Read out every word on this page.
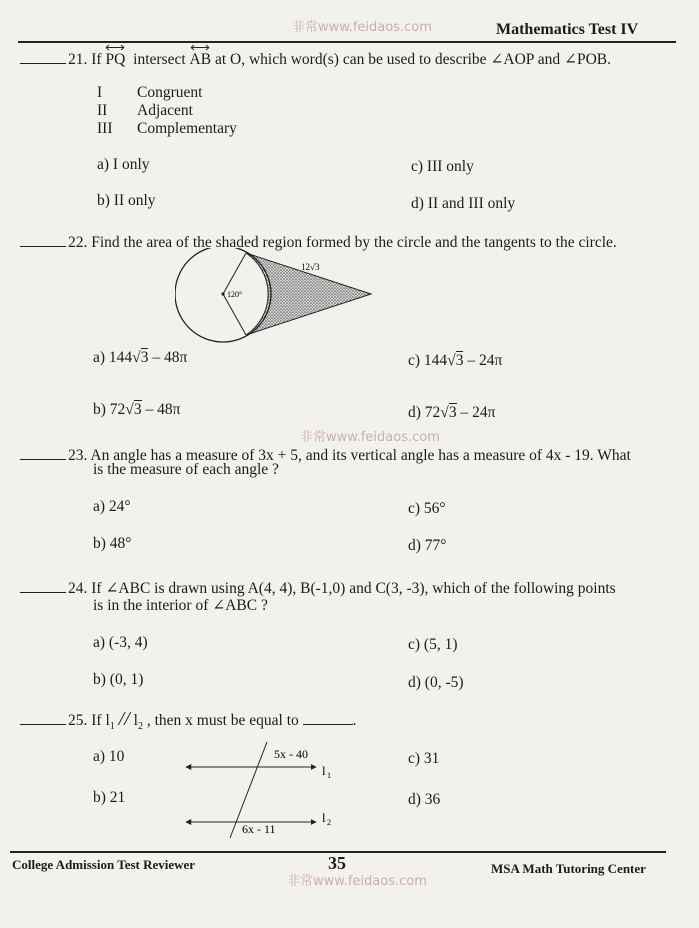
非常www.feidaos.com	Mathematics Test IV
21. If PQ intersect AB at O, which word(s) can be used to describe ∠AOP and ∠POB.
I Congruent
II Adjacent
III Complementary
a) I only	c) III only
b) II only	d) II and III only
22. Find the area of the shaded region formed by the circle and the tangents to the circle.
120°
12√3
a) 144√3 – 48π	c) 144√3 – 24π
b) 72√3 – 48π	d) 72√3 – 24π
非常www.feidaos.com
23. An angle has a measure of 3x + 5, and its vertical angle has a measure of 4x - 19. What
is the measure of each angle ?
a) 24°	c) 56°
b) 48°	d) 77°
24. If ∠ABC is drawn using A(4, 4), B(-1,0) and C(3, -3), which of the following points
is in the interior of ∠ABC ?
a) (-3, 4)	c) (5, 1)
b) (0, 1)	d) (0, -5)
25. If $l_1 // l_2$ , then x must be equal to	.
a) 10	c) 31
b) 21	d) 36
5x - 40
6x - 11
l 1
l 2
College Admission Test Reviewer	35	MSA Math Tutoring Center
非常www.feidaos.com
